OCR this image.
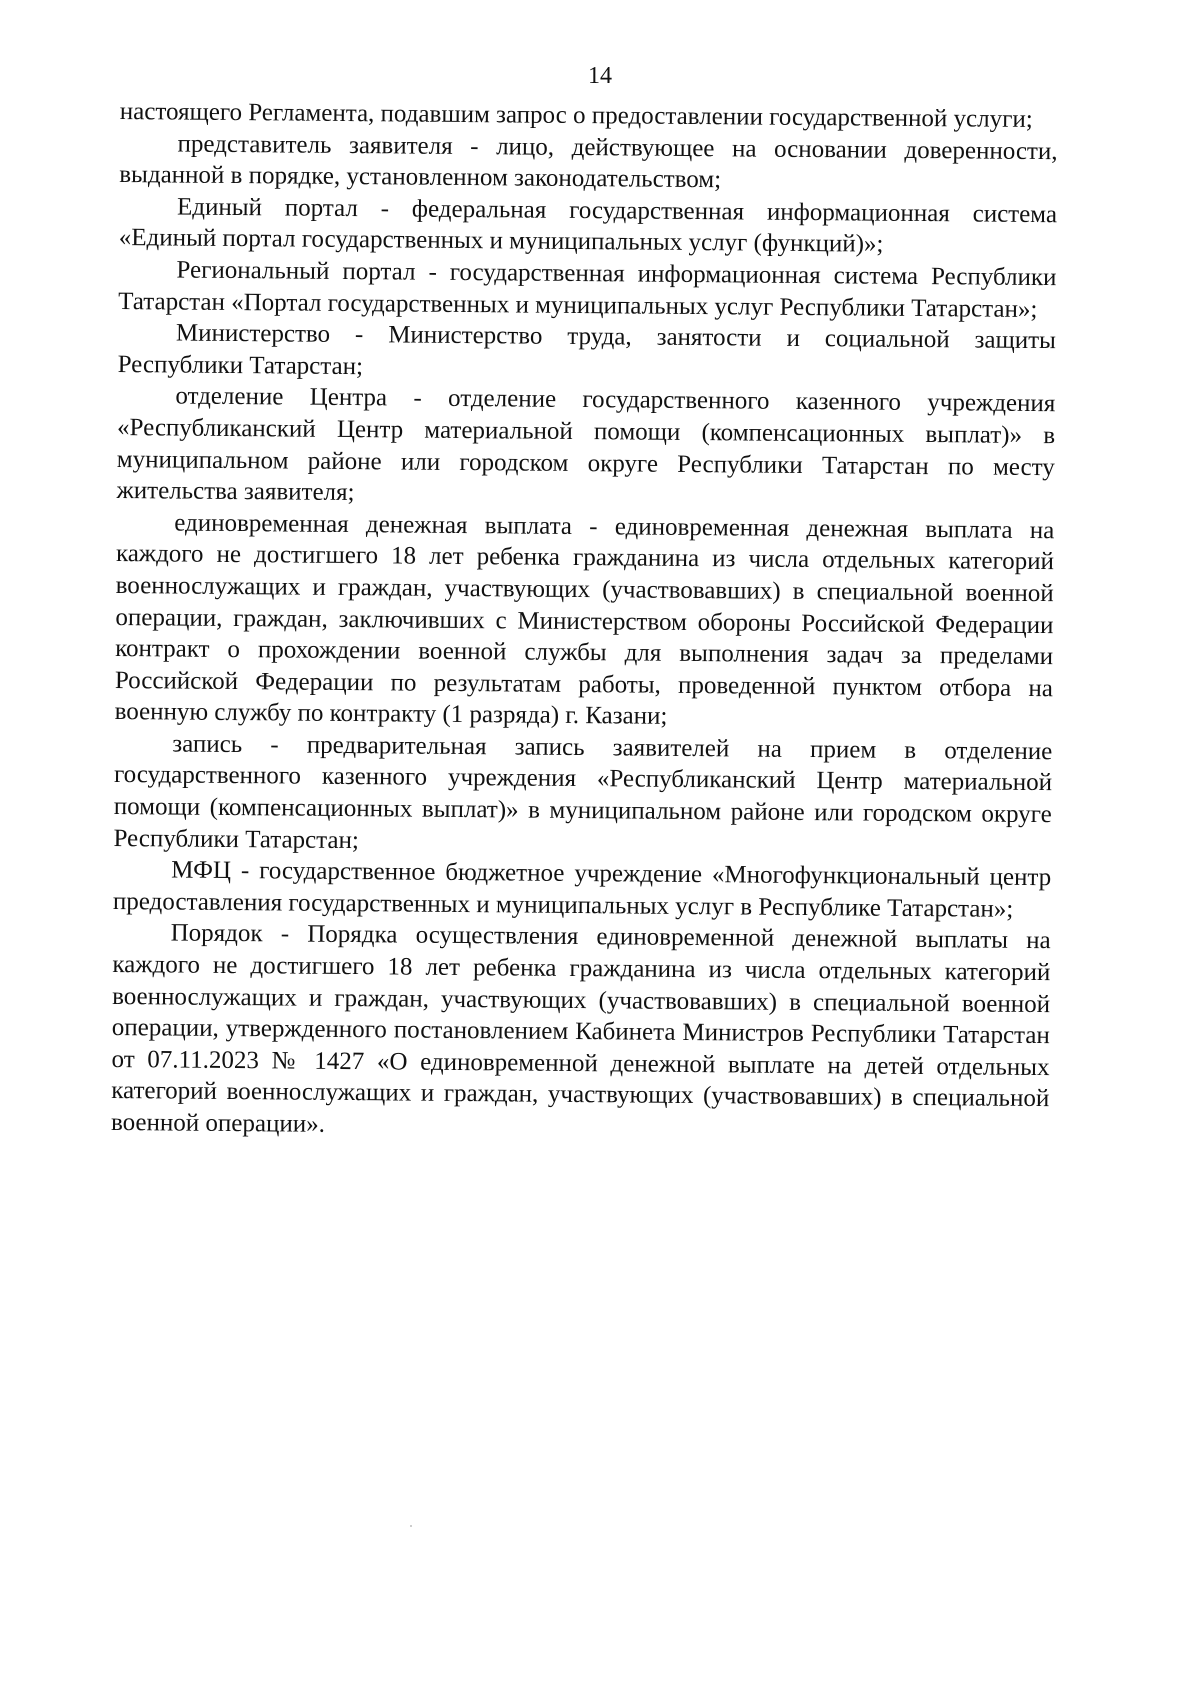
14

настоящего Регламента, подавшим запрос о предоставлении государственной услуги;

представитель заявителя - лицо, действующее на основании доверенности, выданной в порядке, установленном законодательством;

Единый портал - федеральная государственная информационная система «Единый портал государственных и муниципальных услуг (функций)»;

Региональный портал - государственная информационная система Республики Татарстан «Портал государственных и муниципальных услуг Республики Татарстан»;

Министерство - Министерство труда, занятости и социальной защиты Республики Татарстан;

отделение Центра - отделение государственного казенного учреждения «Республиканский Центр материальной помощи (компенсационных выплат)» в муниципальном районе или городском округе Республики Татарстан по месту жительства заявителя;

единовременная денежная выплата - единовременная денежная выплата на каждого не достигшего 18 лет ребенка гражданина из числа отдельных категорий военнослужащих и граждан, участвующих (участвовавших) в специальной военной операции, граждан, заключивших с Министерством обороны Российской Федерации контракт о прохождении военной службы для выполнения задач за пределами Российской Федерации по результатам работы, проведенной пунктом отбора на военную службу по контракту (1 разряда) г. Казани;

запись - предварительная запись заявителей на прием в отделение государственного казенного учреждения «Республиканский Центр материальной помощи (компенсационных выплат)» в муниципальном районе или городском округе Республики Татарстан;

МФЦ - государственное бюджетное учреждение «Многофункциональный центр предоставления государственных и муниципальных услуг в Республике Татарстан»;

Порядок - Порядка осуществления единовременной денежной выплаты на каждого не достигшего 18 лет ребенка гражданина из числа отдельных категорий военнослужащих и граждан, участвующих (участвовавших) в специальной военной операции, утвержденного постановлением Кабинета Министров Республики Татарстан от 07.11.2023 № 1427 «О единовременной денежной выплате на детей отдельных категорий военнослужащих и граждан, участвующих (участвовавших) в специальной военной операции».
